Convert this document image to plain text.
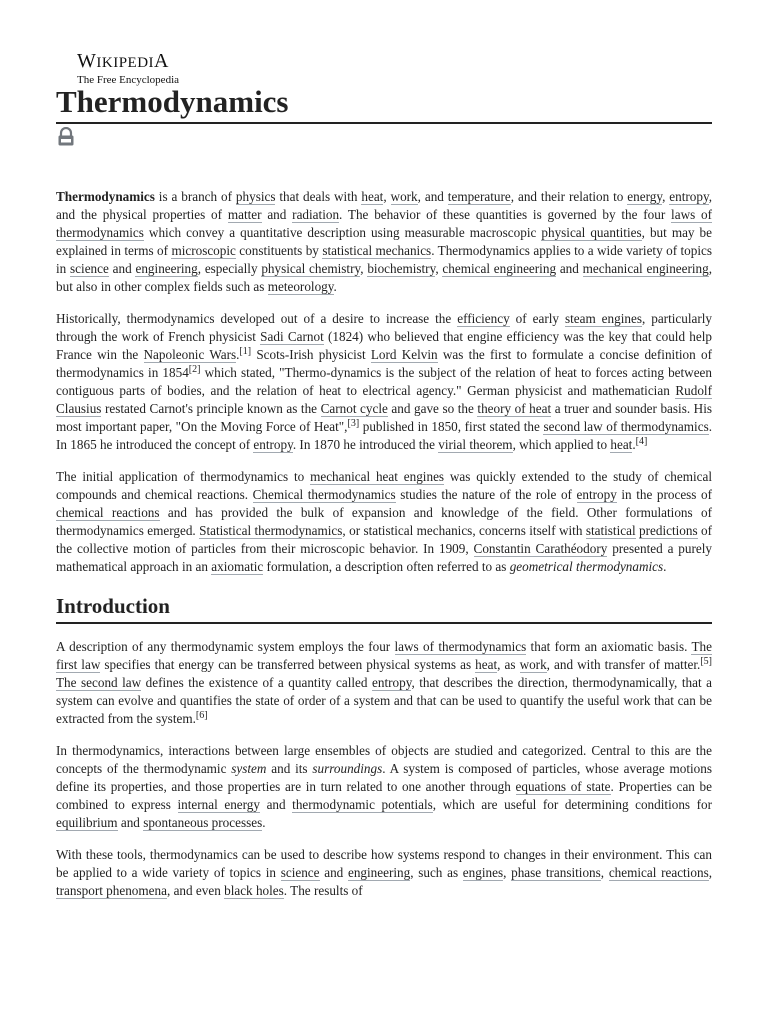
WIKIPEDIA
The Free Encyclopedia
Thermodynamics

Thermodynamics is a branch of physics that deals with heat, work, and temperature, and their relation to energy, entropy, and the physical properties of matter and radiation. The behavior of these quantities is governed by the four laws of thermodynamics which convey a quantitative description using measurable macroscopic physical quantities, but may be explained in terms of microscopic constituents by statistical mechanics. Thermodynamics applies to a wide variety of topics in science and engineering, especially physical chemistry, biochemistry, chemical engineering and mechanical engineering, but also in other complex fields such as meteorology.

Historically, thermodynamics developed out of a desire to increase the efficiency of early steam engines, particularly through the work of French physicist Sadi Carnot (1824) who believed that engine efficiency was the key that could help France win the Napoleonic Wars.[1] Scots-Irish physicist Lord Kelvin was the first to formulate a concise definition of thermodynamics in 1854[2] which stated, "Thermo-dynamics is the subject of the relation of heat to forces acting between contiguous parts of bodies, and the relation of heat to electrical agency." German physicist and mathematician Rudolf Clausius restated Carnot's principle known as the Carnot cycle and gave so the theory of heat a truer and sounder basis. His most important paper, "On the Moving Force of Heat",[3] published in 1850, first stated the second law of thermodynamics. In 1865 he introduced the concept of entropy. In 1870 he introduced the virial theorem, which applied to heat.[4]

The initial application of thermodynamics to mechanical heat engines was quickly extended to the study of chemical compounds and chemical reactions. Chemical thermodynamics studies the nature of the role of entropy in the process of chemical reactions and has provided the bulk of expansion and knowledge of the field. Other formulations of thermodynamics emerged. Statistical thermodynamics, or statistical mechanics, concerns itself with statistical predictions of the collective motion of particles from their microscopic behavior. In 1909, Constantin Carathéodory presented a purely mathematical approach in an axiomatic formulation, a description often referred to as geometrical thermodynamics.

Introduction

A description of any thermodynamic system employs the four laws of thermodynamics that form an axiomatic basis. The first law specifies that energy can be transferred between physical systems as heat, as work, and with transfer of matter.[5] The second law defines the existence of a quantity called entropy, that describes the direction, thermodynamically, that a system can evolve and quantifies the state of order of a system and that can be used to quantify the useful work that can be extracted from the system.[6]

In thermodynamics, interactions between large ensembles of objects are studied and categorized. Central to this are the concepts of the thermodynamic system and its surroundings. A system is composed of particles, whose average motions define its properties, and those properties are in turn related to one another through equations of state. Properties can be combined to express internal energy and thermodynamic potentials, which are useful for determining conditions for equilibrium and spontaneous processes.

With these tools, thermodynamics can be used to describe how systems respond to changes in their environment. This can be applied to a wide variety of topics in science and engineering, such as engines, phase transitions, chemical reactions, transport phenomena, and even black holes. The results of
